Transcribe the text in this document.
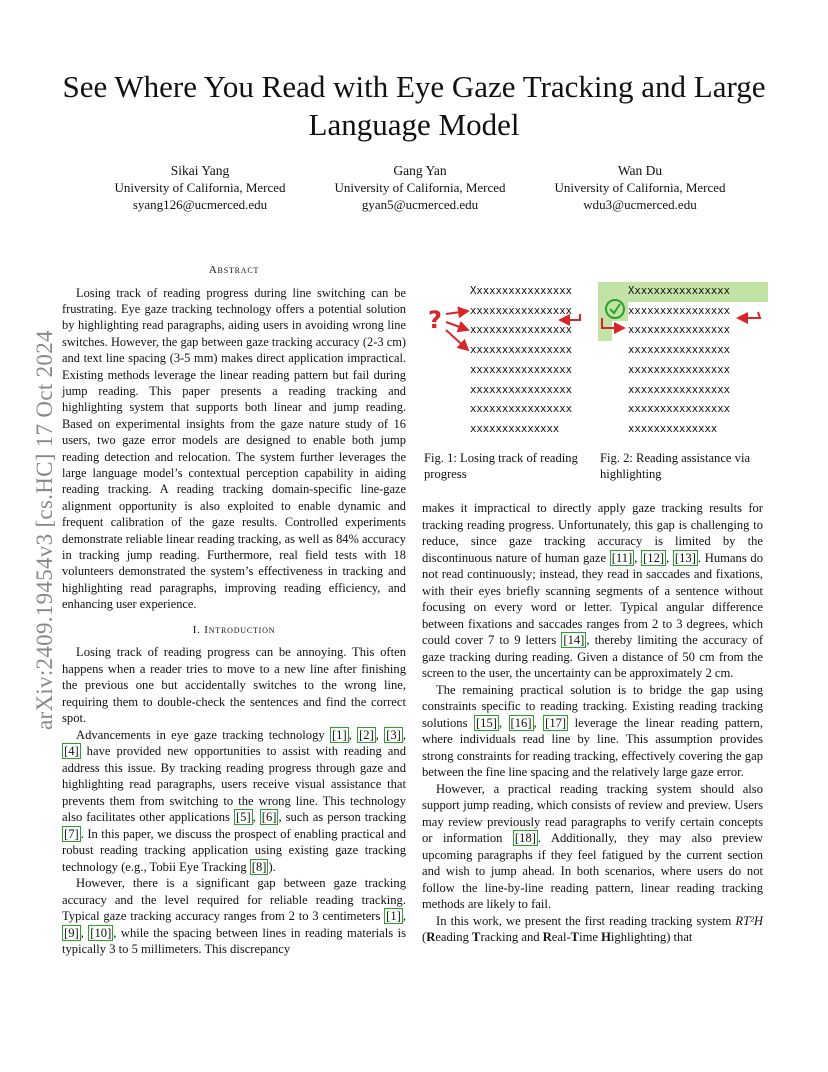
See Where You Read with Eye Gaze Tracking and Large Language Model
Sikai Yang
University of California, Merced
syang126@ucmerced.edu
Gang Yan
University of California, Merced
gyan5@ucmerced.edu
Wan Du
University of California, Merced
wdu3@ucmerced.edu
arXiv:2409.19454v3 [cs.HC] 17 Oct 2024
Abstract

Losing track of reading progress during line switching can be frustrating. Eye gaze tracking technology offers a potential solution by highlighting read paragraphs, aiding users in avoiding wrong line switches. However, the gap between gaze tracking accuracy (2-3 cm) and text line spacing (3-5 mm) makes direct application impractical. Existing methods leverage the linear reading pattern but fail during jump reading. This paper presents a reading tracking and highlighting system that supports both linear and jump reading. Based on experimental insights from the gaze nature study of 16 users, two gaze error models are designed to enable both jump reading detection and relocation. The system further leverages the large language model’s contextual perception capability in aiding reading tracking. A reading tracking domain-specific line-gaze alignment opportunity is also exploited to enable dynamic and frequent calibration of the gaze results. Controlled experiments demonstrate reliable linear reading tracking, as well as 84% accuracy in tracking jump reading. Furthermore, real field tests with 18 volunteers demonstrated the system’s effectiveness in tracking and highlighting read paragraphs, improving reading efficiency, and enhancing user experience.

I. Introduction

Losing track of reading progress can be annoying. This often happens when a reader tries to move to a new line after finishing the previous one but accidentally switches to the wrong line, requiring them to double-check the sentences and find the correct spot.

Advancements in eye gaze tracking technology [1] , [2] , [3] , [4] have provided new opportunities to assist with reading and address this issue. By tracking reading progress through gaze and highlighting read paragraphs, users receive visual assistance that prevents them from switching to the wrong line. This technology also facilitates other applications [5] , [6] , such as person tracking [7] . In this paper, we discuss the prospect of enabling practical and robust reading tracking application using existing gaze tracking technology (e.g., Tobii Eye Tracking [8] ).

However, there is a significant gap between gaze tracking accuracy and the level required for reliable reading tracking. Typical gaze tracking accuracy ranges from 2 to 3 centimeters [1] , [9] , [10] , while the spacing between lines in reading materials is typically 3 to 5 millimeters. This discrepancy

Xxxxxxxxxxxxxxxx
xxxxxxxxxxxxxxxx
xxxxxxxxxxxxxxxx
xxxxxxxxxxxxxxxx
xxxxxxxxxxxxxxxx
xxxxxxxxxxxxxxxx
xxxxxxxxxxxxxxxx
xxxxxxxxxxxxxx
?
Xxxxxxxxxxxxxxxx
xxxxxxxxxxxxxxxx
xxxxxxxxxxxxxxxx
xxxxxxxxxxxxxxxx
xxxxxxxxxxxxxxxx
xxxxxxxxxxxxxxxx
xxxxxxxxxxxxxxxx
xxxxxxxxxxxxxx
Fig. 1: Losing track of reading progress
Fig. 2: Reading assistance via highlighting

makes it impractical to directly apply gaze tracking results for tracking reading progress. Unfortunately, this gap is challenging to reduce, since gaze tracking accuracy is limited by the discontinuous nature of human gaze [11] , [12] , [13] . Humans do not read continuously; instead, they read in saccades and fixations, with their eyes briefly scanning segments of a sentence without focusing on every word or letter. Typical angular difference between fixations and saccades ranges from 2 to 3 degrees, which could cover 7 to 9 letters [14] , thereby limiting the accuracy of gaze tracking during reading. Given a distance of 50 cm from the screen to the user, the uncertainty can be approximately 2 cm.

The remaining practical solution is to bridge the gap using constraints specific to reading tracking. Existing reading tracking solutions [15] , [16] , [17] leverage the linear reading pattern, where individuals read line by line. This assumption provides strong constraints for reading tracking, effectively covering the gap between the fine line spacing and the relatively large gaze error.

However, a practical reading tracking system should also support jump reading, which consists of review and preview. Users may review previously read paragraphs to verify certain concepts or information [18] . Additionally, they may also preview upcoming paragraphs if they feel fatigued by the current section and wish to jump ahead. In both scenarios, where users do not follow the line-by-line reading pattern, linear reading tracking methods are likely to fail.

In this work, we present the first reading tracking system RT²H (Reading Tracking and Real-Time Highlighting) that
